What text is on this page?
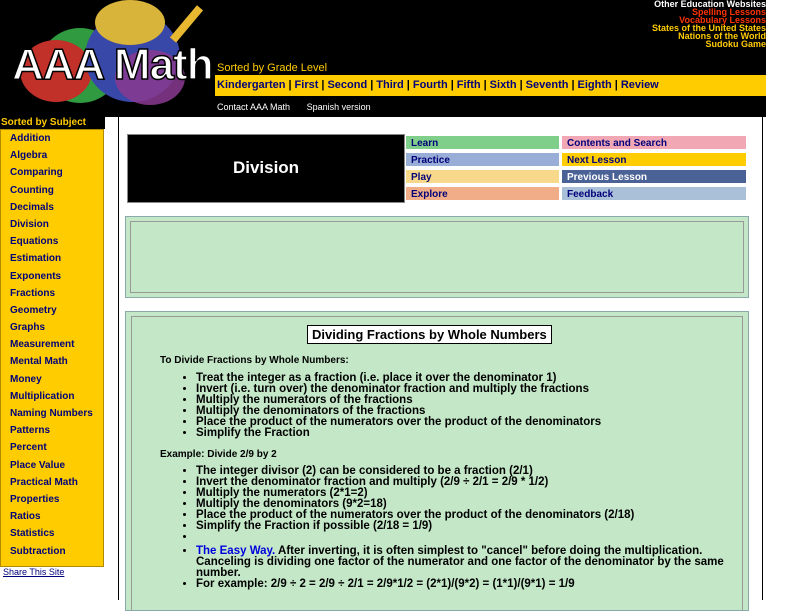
AAA Math
Other Education Websites
Spelling Lessons
Vocabulary Lessons
States of the United States
Nations of the World
Sudoku Game
Sorted by Grade Level
Kindergarten | First | Second | Third | Fourth | Fifth | Sixth | Seventh | Eighth | Review
Contact AAA Math Spanish version
Sorted by Subject
Addition
Algebra
Comparing
Counting
Decimals
Division
Equations
Estimation
Exponents
Fractions
Geometry
Graphs
Measurement
Mental Math
Money
Multiplication
Naming Numbers
Patterns
Percent
Place Value
Practical Math
Properties
Ratios
Statistics
Subtraction
Share This Site
Division
Learn
Practice
Play
Explore
Contents and Search
Next Lesson
Previous Lesson
Feedback
Dividing Fractions by Whole Numbers
To Divide Fractions by Whole Numbers:
• Treat the integer as a fraction (i.e. place it over the denominator 1)
• Invert (i.e. turn over) the denominator fraction and multiply the fractions
• Multiply the numerators of the fractions
• Multiply the denominators of the fractions
• Place the product of the numerators over the product of the denominators
• Simplify the Fraction
Example: Divide 2/9 by 2
• The integer divisor (2) can be considered to be a fraction (2/1)
• Invert the denominator fraction and multiply (2/9 ÷ 2/1 = 2/9 * 1/2)
• Multiply the numerators (2*1=2)
• Multiply the denominators (9*2=18)
• Place the product of the numerators over the product of the denominators (2/18)
• Simplify the Fraction if possible (2/18 = 1/9)
•
• The Easy Way. After inverting, it is often simplest to "cancel" before doing the multiplication. Canceling is dividing one factor of the numerator and one factor of the denominator by the same number.
• For example: 2/9 ÷ 2 = 2/9 ÷ 2/1 = 2/9*1/2 = (2*1)/(9*2) = (1*1)/(9*1) = 1/9
